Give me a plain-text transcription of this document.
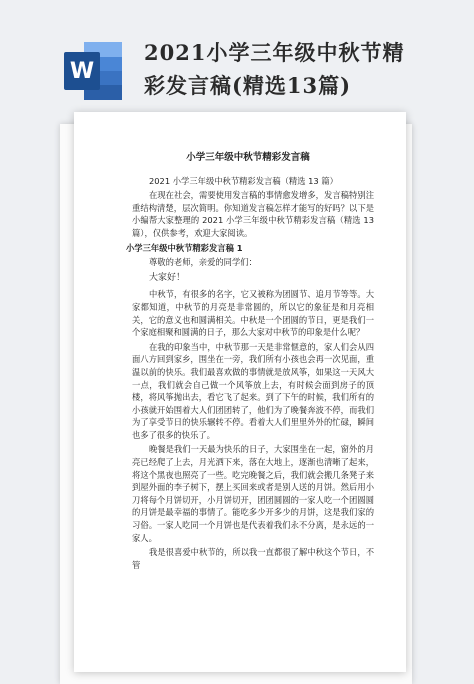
W
2021小学三年级中秋节精
彩发言稿(精选13篇)
小学三年级中秋节精彩发言稿
2021 小学三年级中秋节精彩发言稿（精选 13 篇）
在现在社会，需要使用发言稿的事情愈发增多，发言稿特别注重结构清楚，层次简明。你知道发言稿怎样才能写的好吗？以下是小编帮大家整理的 2021 小学三年级中秋节精彩发言稿（精选 13 篇），仅供参考，欢迎大家阅读。
小学三年级中秋节精彩发言稿 1
尊敬的老师，亲爱的同学们：
大家好！
中秋节，有很多的名字，它又被称为团圆节、追月节等等。大家都知道，中秋节的月亮是非常圆的，所以它的象征是和月亮相关，它的意义也和圆满相关。中秋是一个团圆的节日，更是我们一个家庭相聚和圆满的日子，那么大家对中秋节的印象是什么呢？
在我的印象当中，中秋节那一天是非常惬意的，家人们会从四面八方回到家乡，围坐在一旁，我们所有小孩也会再一次见面，重温以前的快乐。我们最喜欢做的事情就是放风筝，如果这一天风大一点，我们就会自己做一个风筝放上去，有时候会面到房子的顶楼，将风筝抛出去，看它飞了起来。到了下午的时候，我们所有的小孩就开始围着大人们团团转了，他们为了晚餐奔波不停，而我们为了享受节日的快乐辗转不停。看着大人们里里外外的忙碌，瞬间也多了很多的快乐了。
晚餐是我们一天最为快乐的日子，大家围坐在一起，窗外的月亮已经爬了上去，月光洒下来，落在大地上，逐渐也清晰了起来，将这个黑夜也照亮了一些。吃完晚餐之后，我们就会搬几条凳子来到屋外面的李子树下，摆上买回来或者是别人送的月饼。然后用小刀将每个月饼切开，小月饼切开，团团圆圆的一家人吃一个团圆圆的月饼是最幸福的事情了。能吃多少开多少的月饼，这是我们家的习俗。一家人吃同一个月饼也是代表着我们永不分离，是永远的一家人。
我是很喜爱中秋节的，所以我一直都很了解中秋这个节日，不管
